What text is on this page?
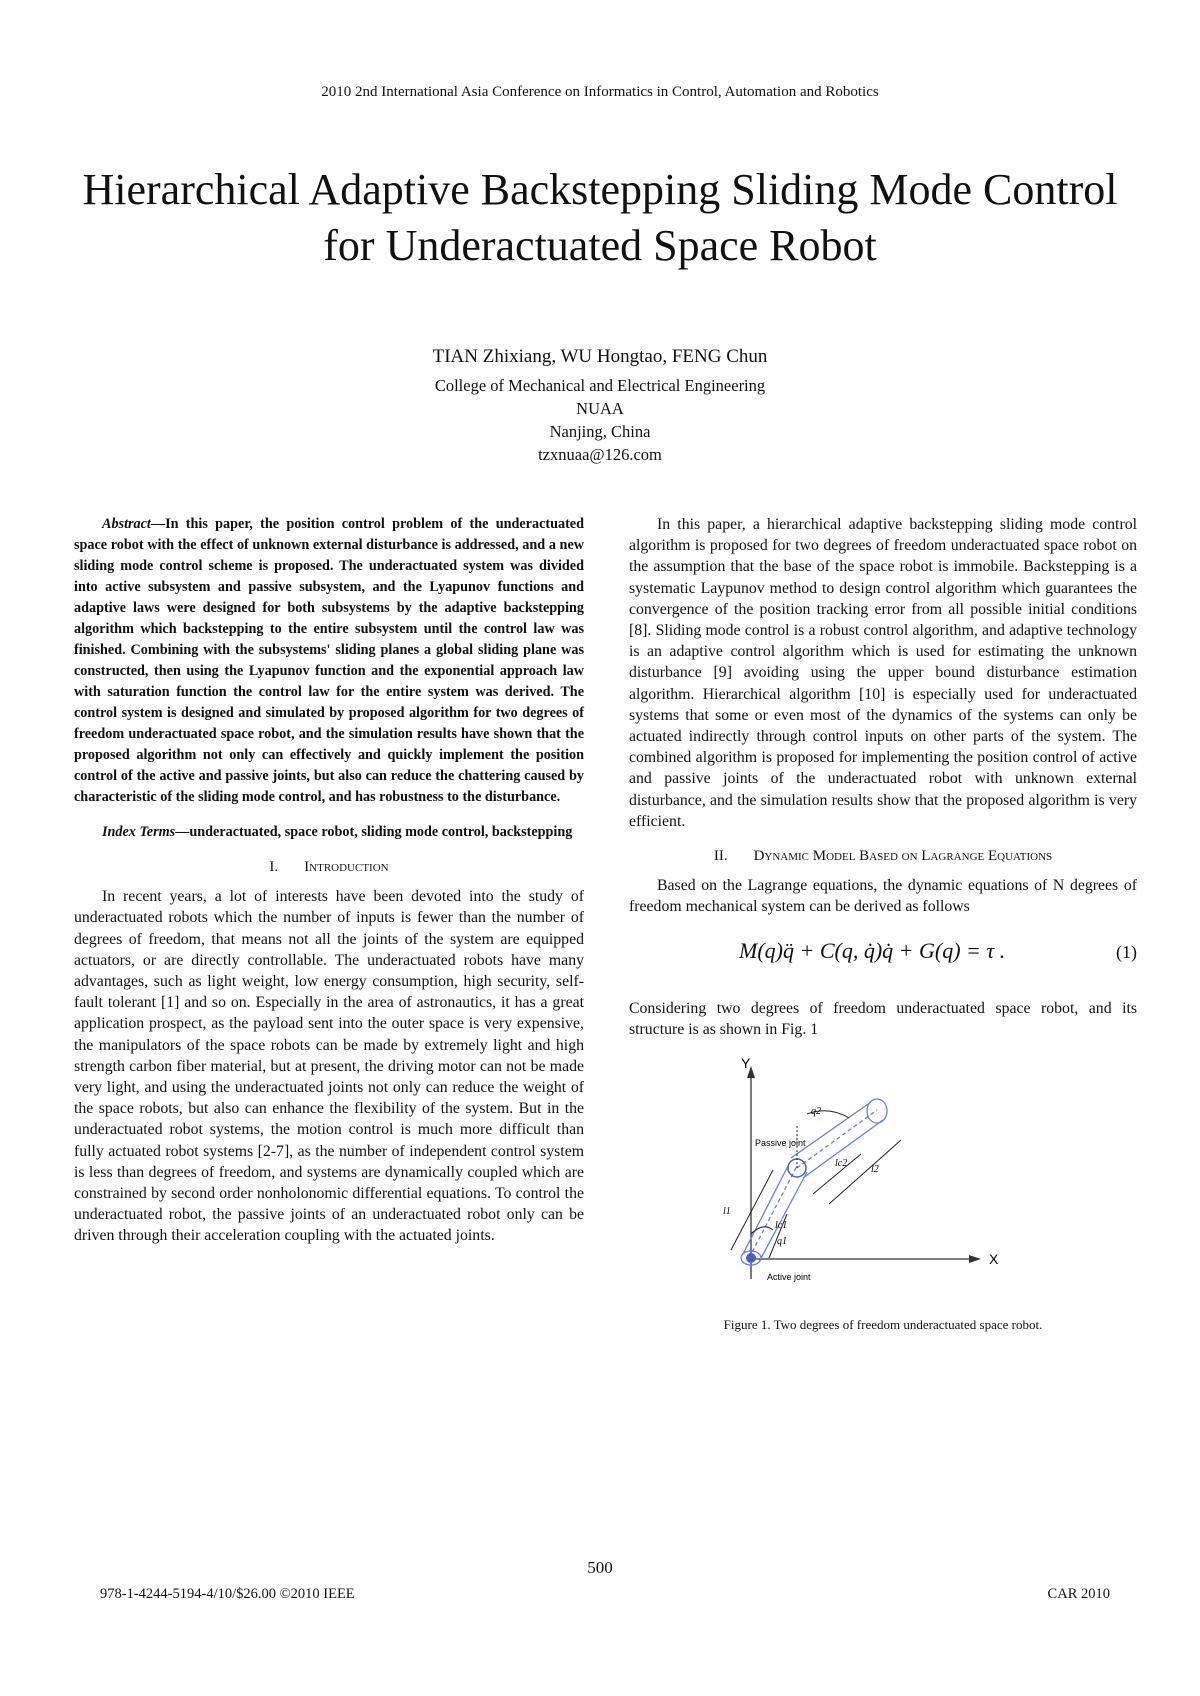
2010 2nd International Asia Conference on Informatics in Control, Automation and Robotics
Hierarchical Adaptive Backstepping Sliding Mode Control for Underactuated Space Robot
TIAN Zhixiang, WU Hongtao, FENG Chun
College of Mechanical and Electrical Engineering
NUAA
Nanjing, China
tzxnuaa@126.com

Abstract—In this paper, the position control problem of the underactuated space robot with the effect of unknown external disturbance is addressed, and a new sliding mode control scheme is proposed. The underactuated system was divided into active subsystem and passive subsystem, and the Lyapunov functions and adaptive laws were designed for both subsystems by the adaptive backstepping algorithm which backstepping to the entire subsystem until the control law was finished. Combining with the subsystems' sliding planes a global sliding plane was constructed, then using the Lyapunov function and the exponential approach law with saturation function the control law for the entire system was derived. The control system is designed and simulated by proposed algorithm for two degrees of freedom underactuated space robot, and the simulation results have shown that the proposed algorithm not only can effectively and quickly implement the position control of the active and passive joints, but also can reduce the chattering caused by characteristic of the sliding mode control, and has robustness to the disturbance.

Index Terms—underactuated, space robot, sliding mode control, backstepping

I. Introduction

In recent years, a lot of interests have been devoted into the study of underactuated robots which the number of inputs is fewer than the number of degrees of freedom, that means not all the joints of the system are equipped actuators, or are directly controllable. The underactuated robots have many advantages, such as light weight, low energy consumption, high security, self-fault tolerant [1] and so on. Especially in the area of astronautics, it has a great application prospect, as the payload sent into the outer space is very expensive, the manipulators of the space robots can be made by extremely light and high strength carbon fiber material, but at present, the driving motor can not be made very light, and using the underactuated joints not only can reduce the weight of the space robots, but also can enhance the flexibility of the system. But in the underactuated robot systems, the motion control is much more difficult than fully actuated robot systems [2-7], as the number of independent control system is less than degrees of freedom, and systems are dynamically coupled which are constrained by second order nonholonomic differential equations. To control the underactuated robot, the passive joints of an underactuated robot only can be driven through their acceleration coupling with the actuated joints.

In this paper, a hierarchical adaptive backstepping sliding mode control algorithm is proposed for two degrees of freedom underactuated space robot on the assumption that the base of the space robot is immobile. Backstepping is a systematic Laypunov method to design control algorithm which guarantees the convergence of the position tracking error from all possible initial conditions [8]. Sliding mode control is a robust control algorithm, and adaptive technology is an adaptive control algorithm which is used for estimating the unknown disturbance [9] avoiding using the upper bound disturbance estimation algorithm. Hierarchical algorithm [10] is especially used for underactuated systems that some or even most of the dynamics of the systems can only be actuated indirectly through control inputs on other parts of the system. The combined algorithm is proposed for implementing the position control of active and passive joints of the underactuated robot with unknown external disturbance, and the simulation results show that the proposed algorithm is very efficient.

II. Dynamic Model Based on Lagrange Equations

Based on the Lagrange equations, the dynamic equations of N degrees of freedom mechanical system can be derived as follows

M(q)q̈ + C(q, q̇)q̇ + G(q) = τ .	(1)

Considering two degrees of freedom underactuated space robot, and its structure is as shown in Fig. 1

Y
X
q2
q1
l1
l2
lc1
lc2
Passive joint
Active joint
Figure 1. Two degrees of freedom underactuated space robot.
500
978-1-4244-5194-4/10/$26.00 ©2010 IEEE	CAR 2010
